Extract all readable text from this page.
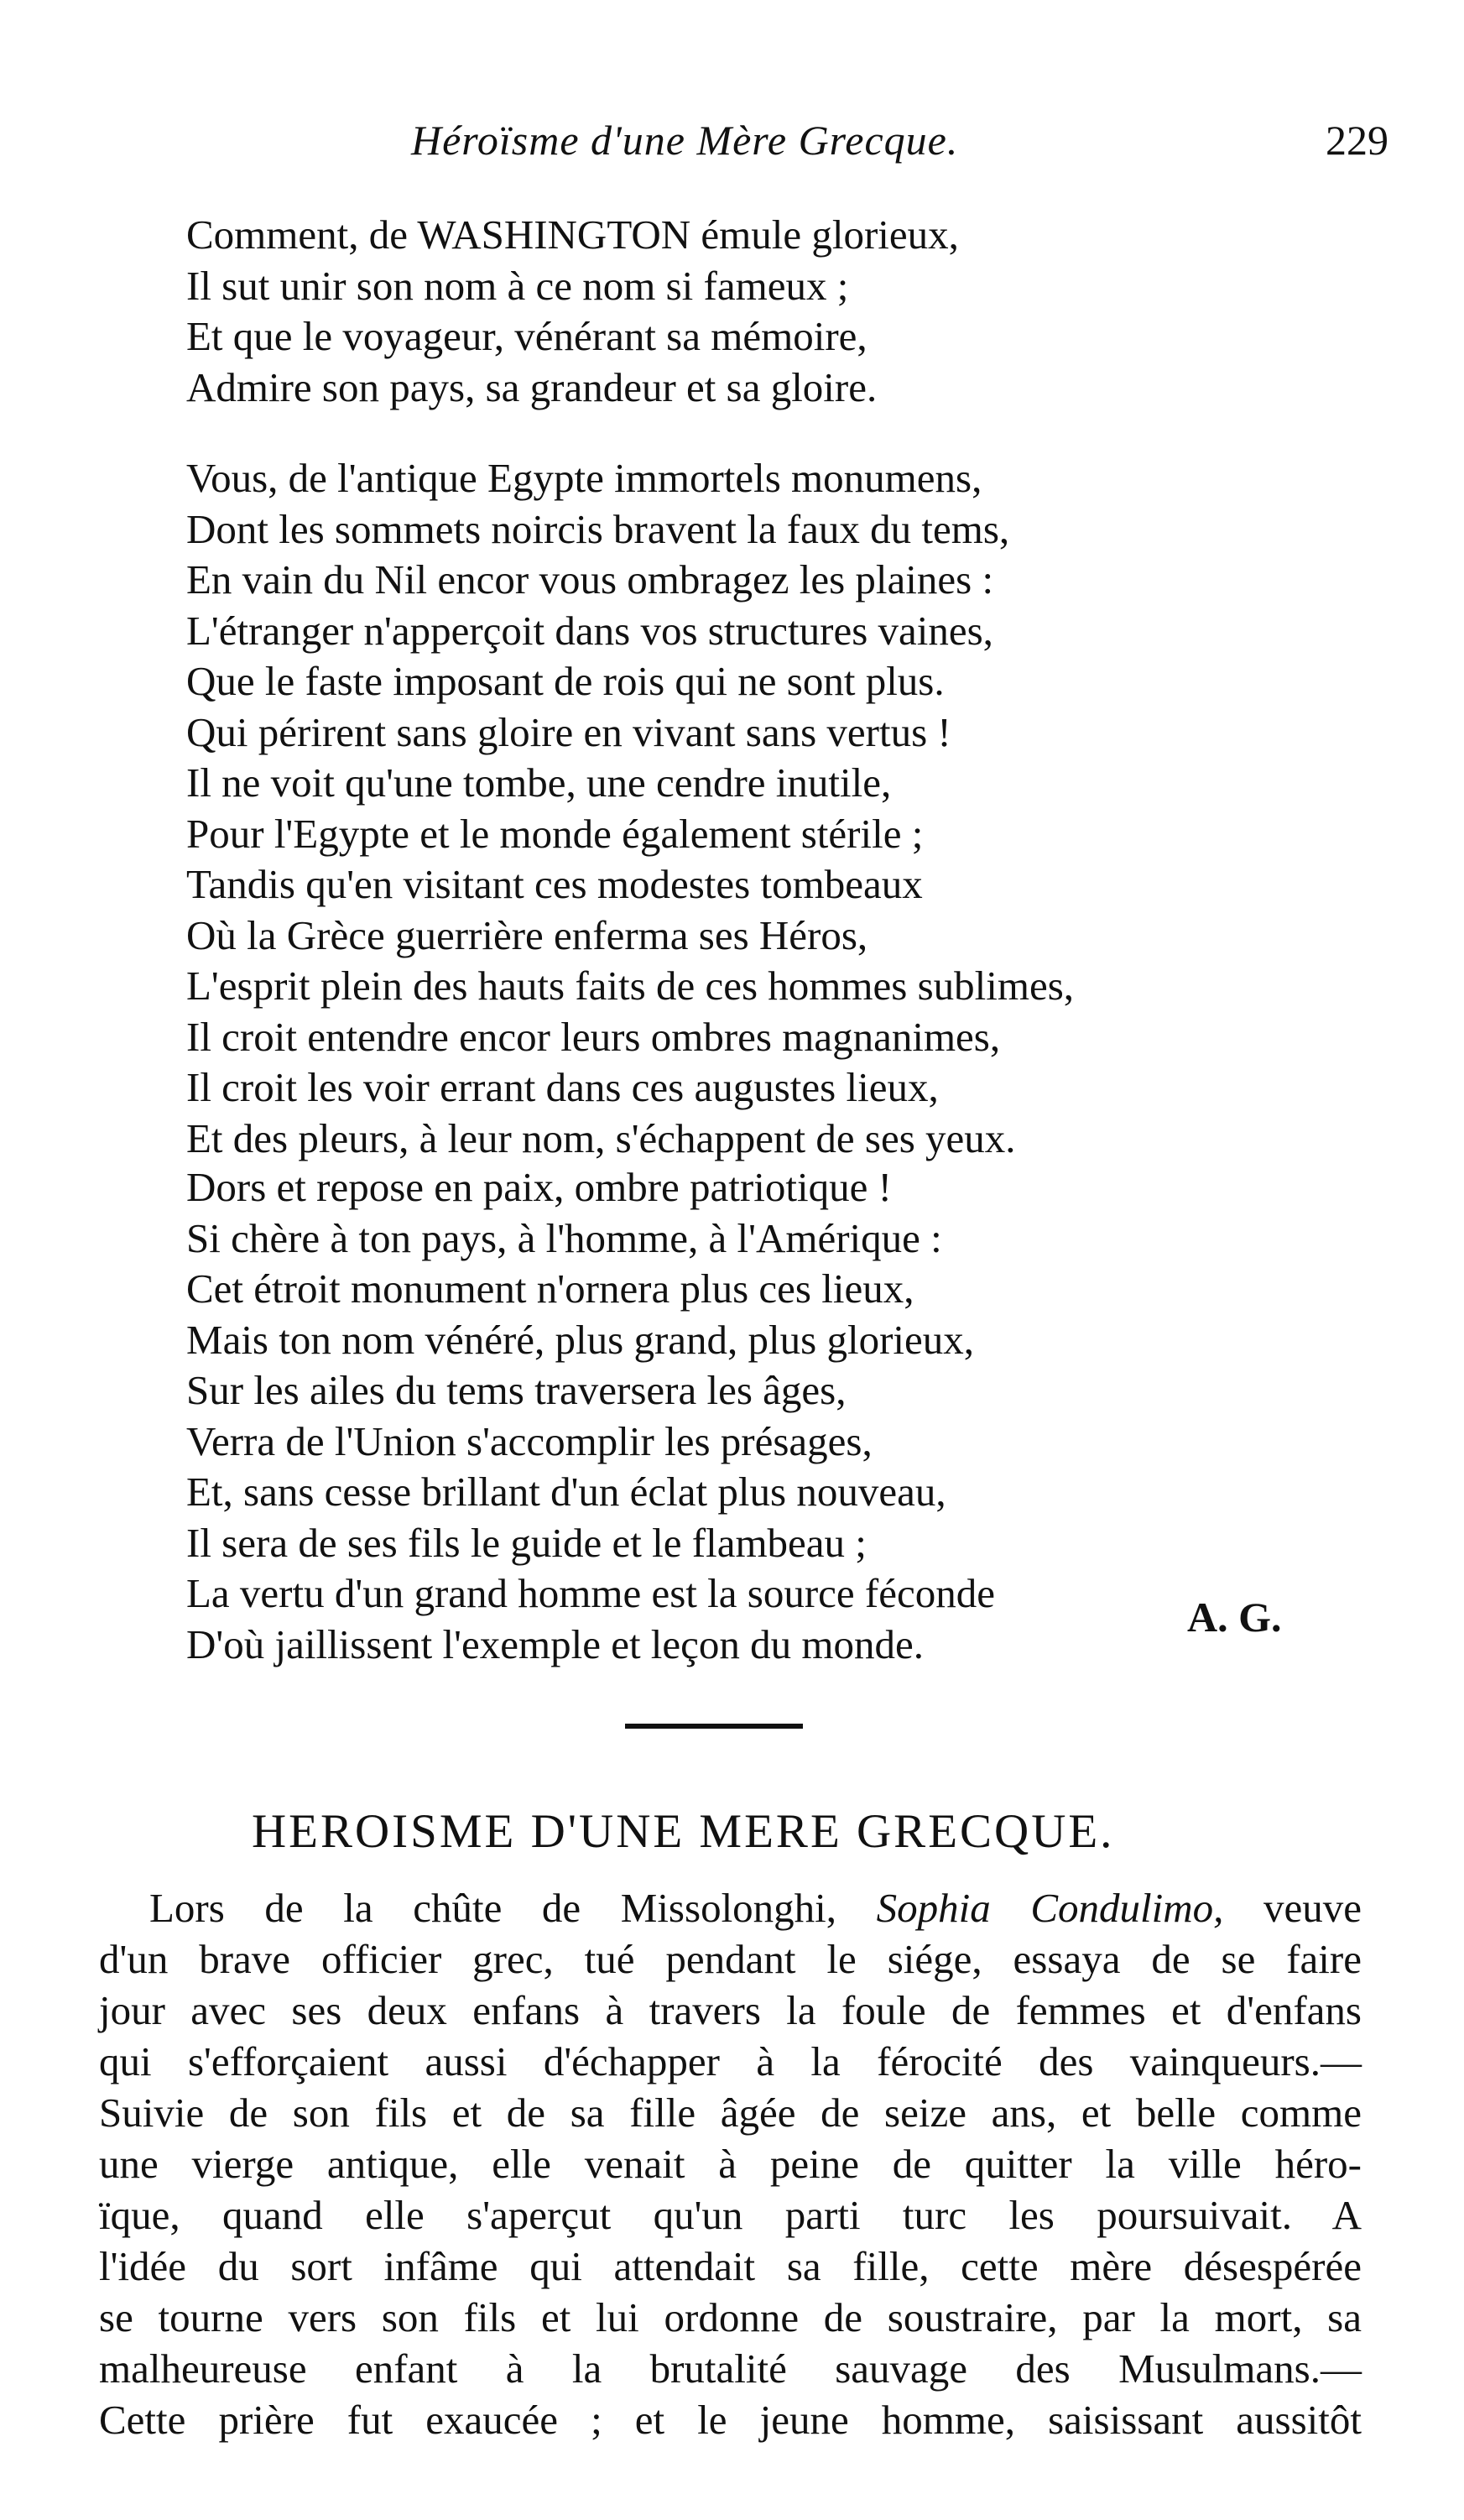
Héroïsme d'une Mère Grecque.	229
Comment, de WASHINGTON émule glorieux,
Il sut unir son nom à ce nom si fameux ;
Et que le voyageur, vénérant sa mémoire,
Admire son pays, sa grandeur et sa gloire.
Vous, de l'antique Egypte immortels monumens,
Dont les sommets noircis bravent la faux du tems,
En vain du Nil encor vous ombragez les plaines :
L'étranger n'apperçoit dans vos structures vaines,
Que le faste imposant de rois qui ne sont plus.
Qui périrent sans gloire en vivant sans vertus !
Il ne voit qu'une tombe, une cendre inutile,
Pour l'Egypte et le monde également stérile ;
Tandis qu'en visitant ces modestes tombeaux
Où la Grèce guerrière enferma ses Héros,
L'esprit plein des hauts faits de ces hommes sublimes,
Il croit entendre encor leurs ombres magnanimes,
Il croit les voir errant dans ces augustes lieux,
Et des pleurs, à leur nom, s'échappent de ses yeux.
Dors et repose en paix, ombre patriotique !
Si chère à ton pays, à l'homme, à l'Amérique :
Cet étroit monument n'ornera plus ces lieux,
Mais ton nom vénéré, plus grand, plus glorieux,
Sur les ailes du tems traversera les âges,
Verra de l'Union s'accomplir les présages,
Et, sans cesse brillant d'un éclat plus nouveau,
Il sera de ses fils le guide et le flambeau ;
La vertu d'un grand homme est la source féconde
D'où jaillissent l'exemple et leçon du monde.
A. G.
HEROISME D'UNE MERE GRECQUE.
Lors de la chûte de Missolonghi, Sophia Condulimo, veuve
d'un brave officier grec, tué pendant le siége, essaya de se faire
jour avec ses deux enfans à travers la foule de femmes et d'enfans
qui s'efforçaient aussi d'échapper à la férocité des vainqueurs.—
Suivie de son fils et de sa fille âgée de seize ans, et belle comme
une vierge antique, elle venait à peine de quitter la ville héro-
ïque, quand elle s'aperçut qu'un parti turc les poursuivait. A
l'idée du sort infâme qui attendait sa fille, cette mère désespérée
se tourne vers son fils et lui ordonne de soustraire, par la mort, sa
malheureuse enfant à la brutalité sauvage des Musulmans.—
Cette prière fut exaucée ; et le jeune homme, saisissant aussitôt
